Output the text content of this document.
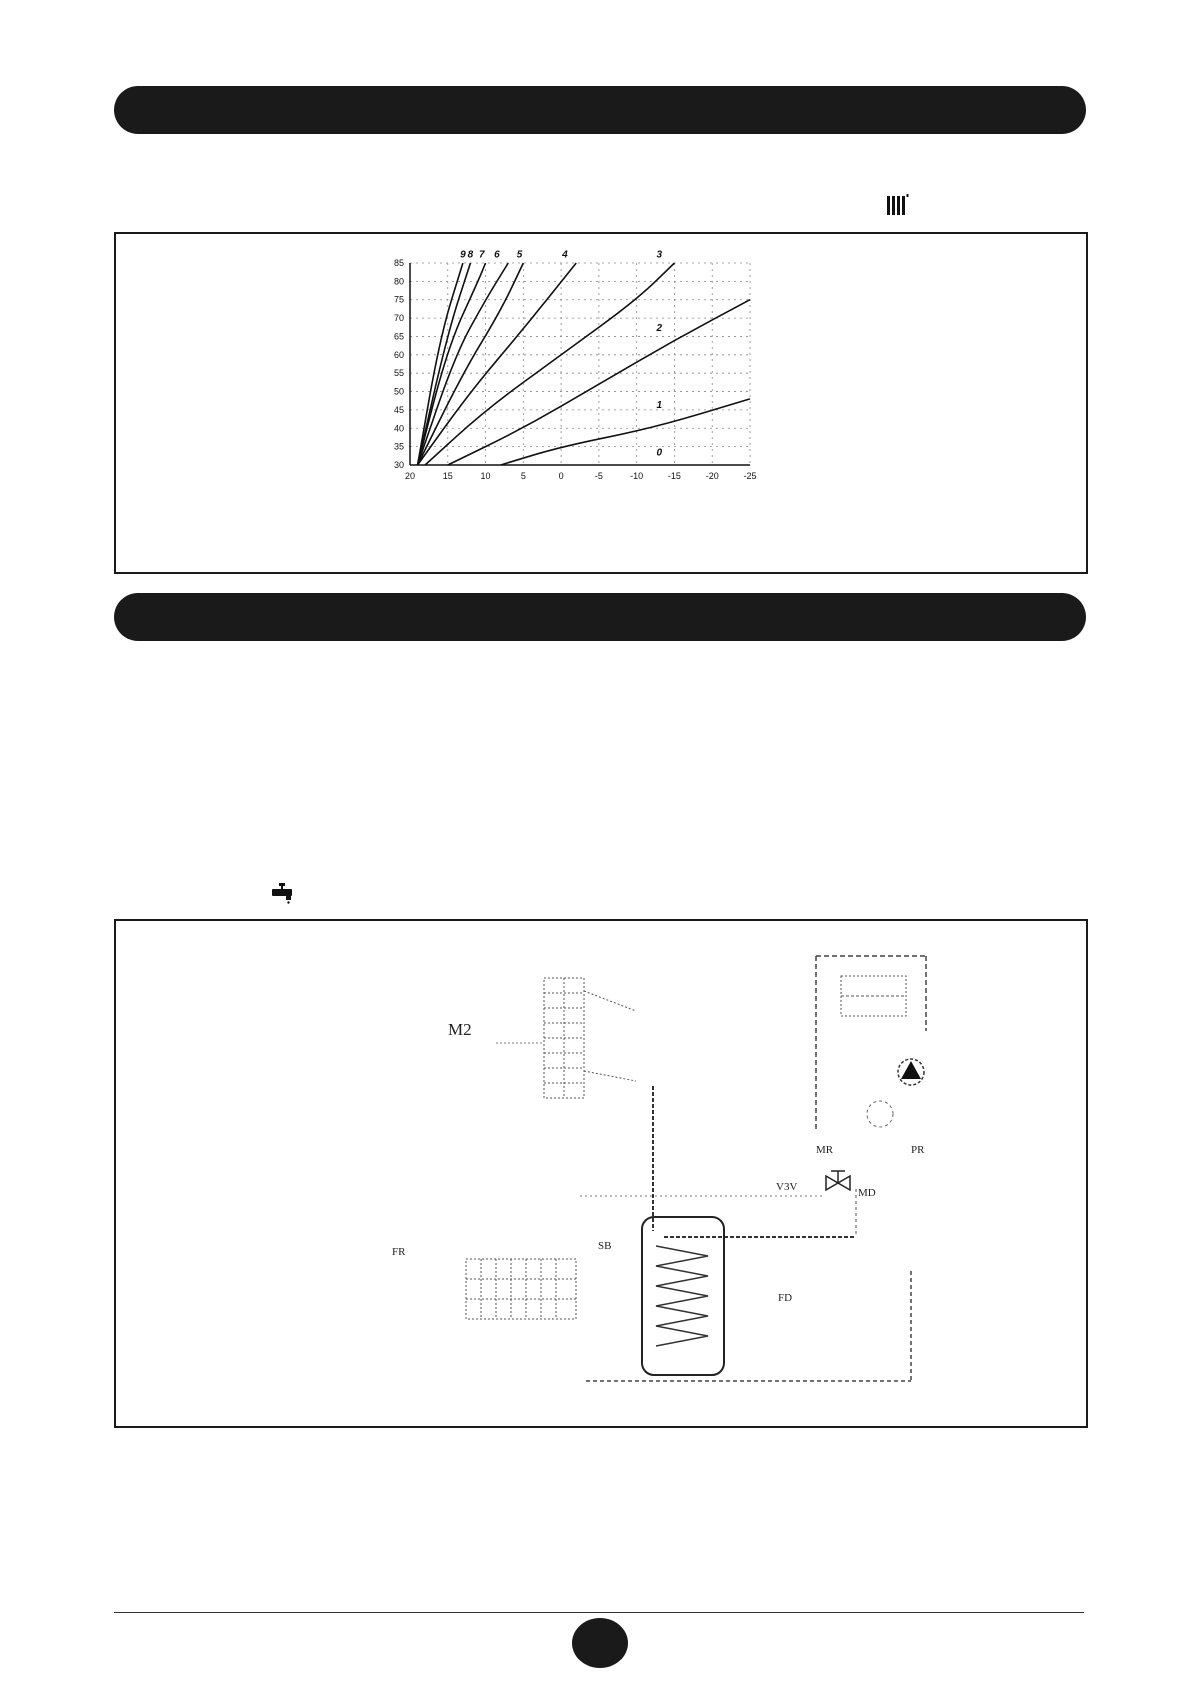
20	15	10	5	0	-5	-10	-15	-20	-25
30
35
40
45
50
55
60
65
70
75
80
85
9 8 7 6 5	4	3
2
1
0
M2
MR	PR
V3V	MD
SB
FD
FR
